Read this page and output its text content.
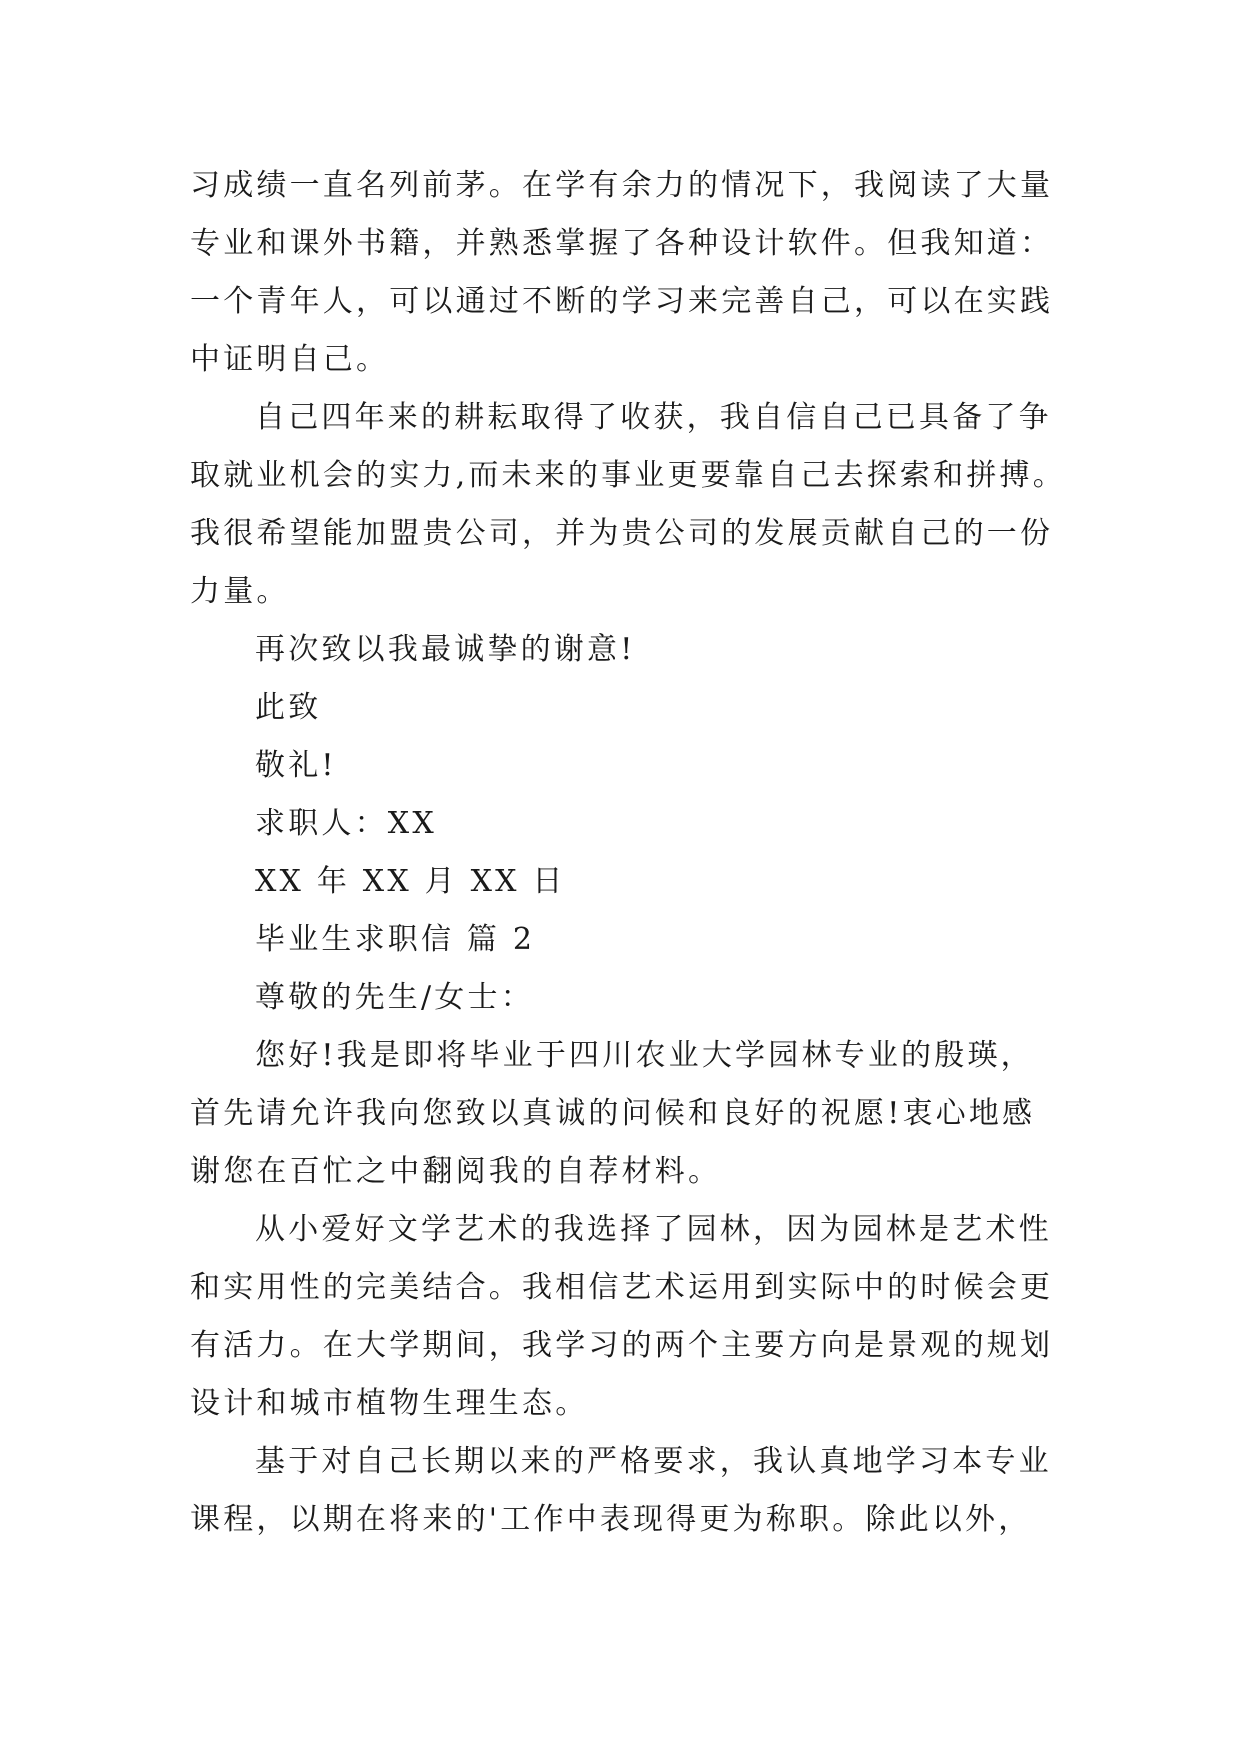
习成绩一直名列前茅。在学有余力的情况下，我阅读了大量
专业和课外书籍，并熟悉掌握了各种设计软件。但我知道：
一个青年人，可以通过不断的学习来完善自己，可以在实践
中证明自己。
自己四年来的耕耘取得了收获，我自信自己已具备了争
取就业机会的实力,而未来的事业更要靠自己去探索和拼搏。
我很希望能加盟贵公司，并为贵公司的发展贡献自己的一份
力量。
再次致以我最诚挚的谢意!
此致
敬礼!
求职人：XX
XX 年 XX 月 XX 日
毕业生求职信 篇 2
尊敬的先生/女士：
您好!我是即将毕业于四川农业大学园林专业的殷瑛，
首先请允许我向您致以真诚的问候和良好的祝愿!衷心地感
谢您在百忙之中翻阅我的自荐材料。
从小爱好文学艺术的我选择了园林，因为园林是艺术性
和实用性的完美结合。我相信艺术运用到实际中的时候会更
有活力。在大学期间，我学习的两个主要方向是景观的规划
设计和城市植物生理生态。
基于对自己长期以来的严格要求，我认真地学习本专业
课程，以期在将来的'工作中表现得更为称职。除此以外，
